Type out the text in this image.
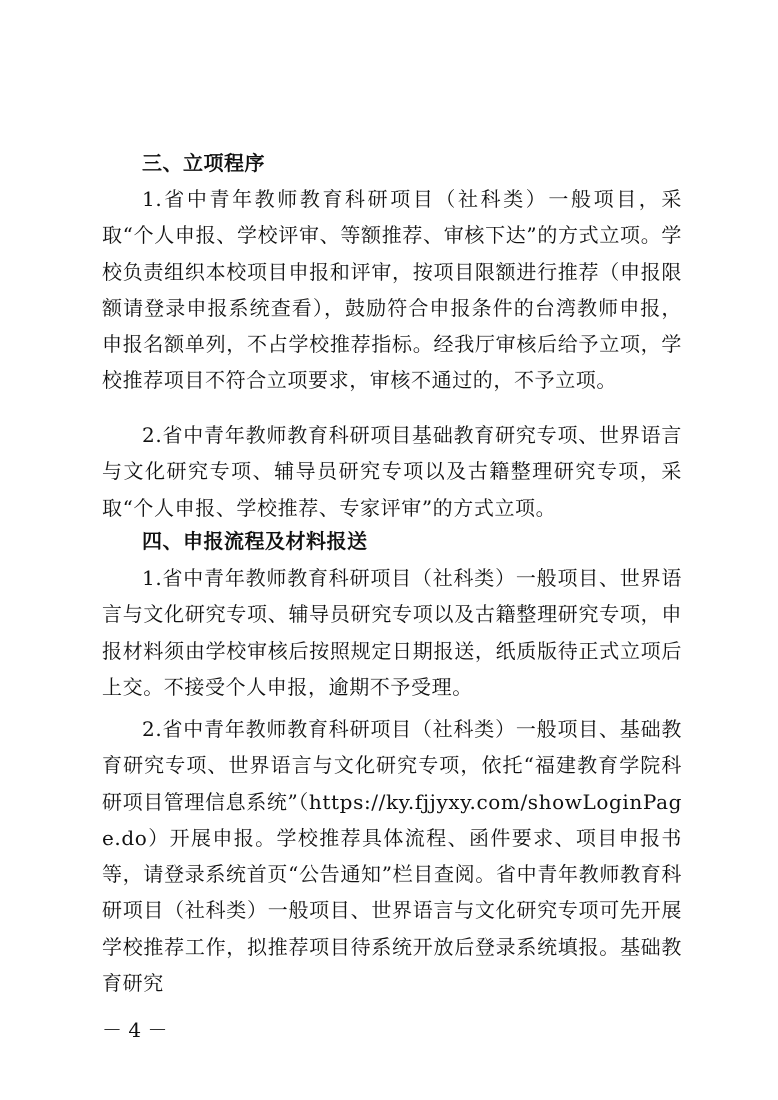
三、立项程序
1.省中青年教师教育科研项目（社科类）一般项目，采取“个人申报、学校评审、等额推荐、审核下达”的方式立项。学校负责组织本校项目申报和评审，按项目限额进行推荐（申报限额请登录申报系统查看），鼓励符合申报条件的台湾教师申报，申报名额单列，不占学校推荐指标。经我厅审核后给予立项，学校推荐项目不符合立项要求，审核不通过的，不予立项。
2.省中青年教师教育科研项目基础教育研究专项、世界语言与文化研究专项、辅导员研究专项以及古籍整理研究专项，采取“个人申报、学校推荐、专家评审”的方式立项。
四、申报流程及材料报送
1.省中青年教师教育科研项目（社科类）一般项目、世界语言与文化研究专项、辅导员研究专项以及古籍整理研究专项，申报材料须由学校审核后按照规定日期报送，纸质版待正式立项后上交。不接受个人申报，逾期不予受理。
2.省中青年教师教育科研项目（社科类）一般项目、基础教育研究专项、世界语言与文化研究专项，依托“福建教育学院科研项目管理信息系统”（https://ky.fjjyxy.com/showLoginPage.do）开展申报。学校推荐具体流程、函件要求、项目申报书等，请登录系统首页“公告通知”栏目查阅。省中青年教师教育科研项目（社科类）一般项目、世界语言与文化研究专项可先开展学校推荐工作，拟推荐项目待系统开放后登录系统填报。基础教育研究
－ 4 －
